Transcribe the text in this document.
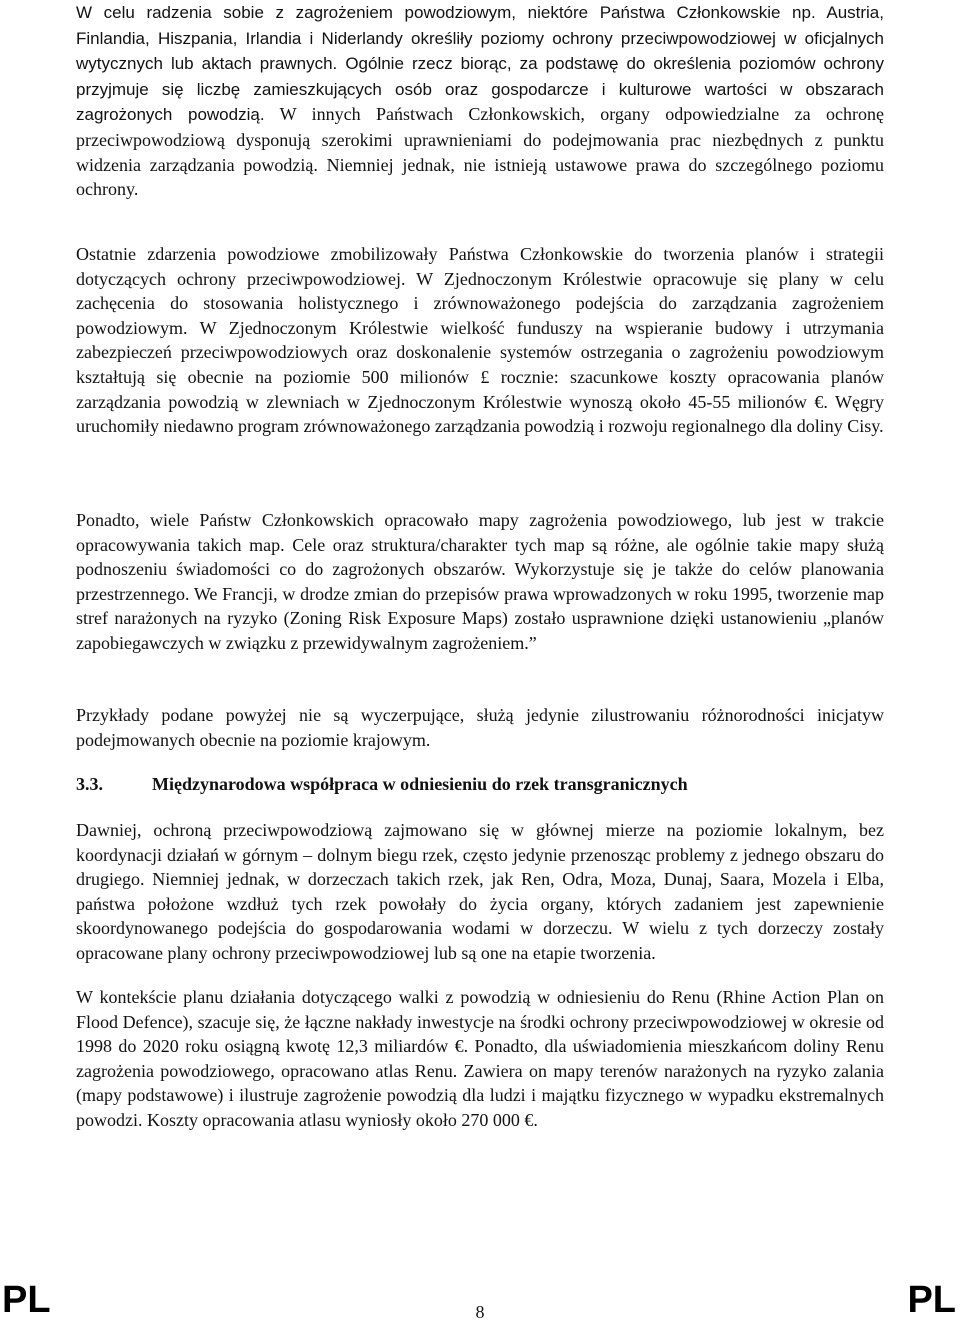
W celu radzenia sobie z zagrożeniem powodziowym, niektóre Państwa Członkowskie np. Austria, Finlandia, Hiszpania, Irlandia i Niderlandy określiły poziomy ochrony przeciwpowodziowej w oficjalnych wytycznych lub aktach prawnych. Ogólnie rzecz biorąc, za podstawę do określenia poziomów ochrony przyjmuje się liczbę zamieszkujących osób oraz gospodarcze i kulturowe wartości w obszarach zagrożonych powodzią. W innych Państwach Członkowskich, organy odpowiedzialne za ochronę przeciwpowodziową dysponują szerokimi uprawnieniami do podejmowania prac niezbędnych z punktu widzenia zarządzania powodzią. Niemniej jednak, nie istnieją ustawowe prawa do szczególnego poziomu ochrony.

Ostatnie zdarzenia powodziowe zmobilizowały Państwa Członkowskie do tworzenia planów i strategii dotyczących ochrony przeciwpowodziowej. W Zjednoczonym Królestwie opracowuje się plany w celu zachęcenia do stosowania holistycznego i zrównoważonego podejścia do zarządzania zagrożeniem powodziowym. W Zjednoczonym Królestwie wielkość funduszy na wspieranie budowy i utrzymania zabezpieczeń przeciwpowodziowych oraz doskonalenie systemów ostrzegania o zagrożeniu powodziowym kształtują się obecnie na poziomie 500 milionów £ rocznie: szacunkowe koszty opracowania planów zarządzania powodzią w zlewniach w Zjednoczonym Królestwie wynoszą około 45-55 milionów €. Węgry uruchomiły niedawno program zrównoważonego zarządzania powodzią i rozwoju regionalnego dla doliny Cisy.

Ponadto, wiele Państw Członkowskich opracowało mapy zagrożenia powodziowego, lub jest w trakcie opracowywania takich map. Cele oraz struktura/charakter tych map są różne, ale ogólnie takie mapy służą podnoszeniu świadomości co do zagrożonych obszarów. Wykorzystuje się je także do celów planowania przestrzennego. We Francji, w drodze zmian do przepisów prawa wprowadzonych w roku 1995, tworzenie map stref narażonych na ryzyko (Zoning Risk Exposure Maps) zostało usprawnione dzięki ustanowieniu „planów zapobiegawczych w związku z przewidywalnym zagrożeniem.”

Przykłady podane powyżej nie są wyczerpujące, służą jedynie zilustrowaniu różnorodności inicjatyw podejmowanych obecnie na poziomie krajowym.

3.3.	Międzynarodowa współpraca w odniesieniu do rzek transgranicznych

Dawniej, ochroną przeciwpowodziową zajmowano się w głównej mierze na poziomie lokalnym, bez koordynacji działań w górnym – dolnym biegu rzek, często jedynie przenosząc problemy z jednego obszaru do drugiego. Niemniej jednak, w dorzeczach takich rzek, jak Ren, Odra, Moza, Dunaj, Saara, Mozela i Elba, państwa położone wzdłuż tych rzek powołały do życia organy, których zadaniem jest zapewnienie skoordynowanego podejścia do gospodarowania wodami w dorzeczu. W wielu z tych dorzeczy zostały opracowane plany ochrony przeciwpowodziowej lub są one na etapie tworzenia.

W kontekście planu działania dotyczącego walki z powodzią w odniesieniu do Renu (Rhine Action Plan on Flood Defence), szacuje się, że łączne nakłady inwestycje na środki ochrony przeciwpowodziowej w okresie od 1998 do 2020 roku osiągną kwotę 12,3 miliardów €. Ponadto, dla uświadomienia mieszkańcom doliny Renu zagrożenia powodziowego, opracowano atlas Renu. Zawiera on mapy terenów narażonych na ryzyko zalania (mapy podstawowe) i ilustruje zagrożenie powodzią dla ludzi i majątku fizycznego w wypadku ekstremalnych powodzi. Koszty opracowania atlasu wyniosły około 270 000 €.

PL	8	PL
